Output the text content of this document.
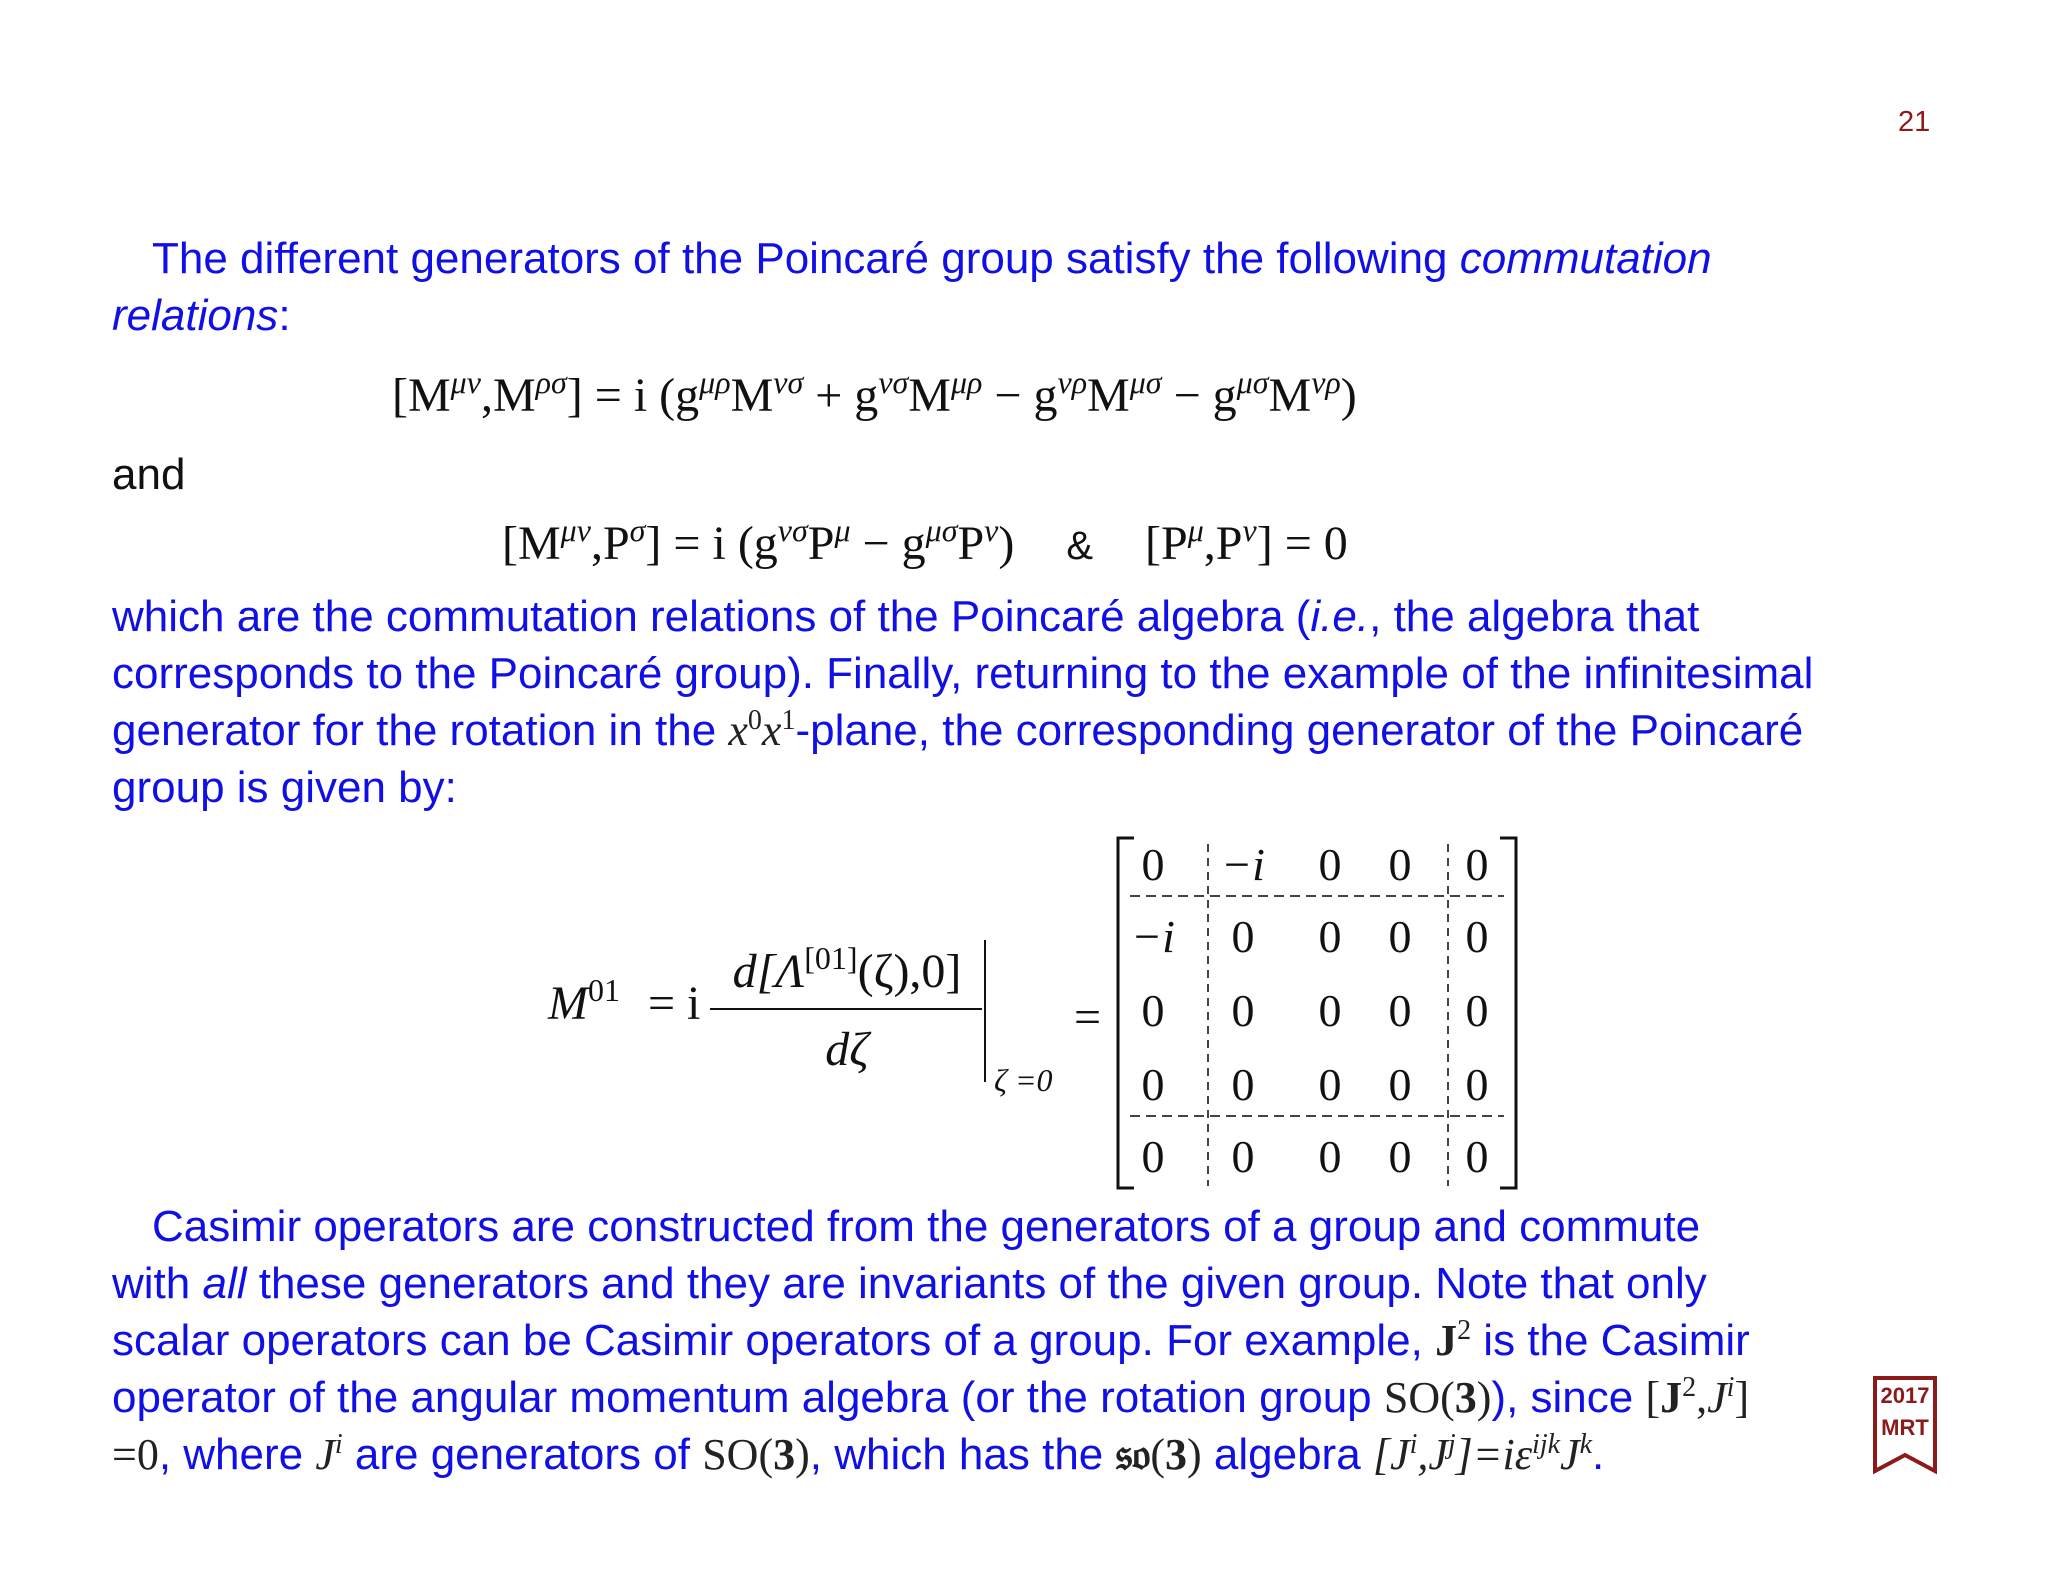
21
The different generators of the Poincaré group satisfy the following commutation
relations:
$[M^{\mu\nu},M^{\rho\sigma}] = i$ $(g^{\mu\rho}M^{\nu\sigma} + g^{\nu\sigma}M^{\mu\rho} - g^{\nu\rho}M^{\mu\sigma} - g^{\mu\sigma}M^{\nu\rho})$
and
$[M^{\mu\nu},P^\sigma] = i$ $(g^{\nu\sigma}P^\mu - g^{\mu\sigma}P^\nu)$ & $[P^\mu,P^\nu] = 0$
which are the commutation relations of the Poincaré algebra (i.e., the algebra that
corresponds to the Poincaré group). Finally, returning to the example of the infinitesimal
generator for the rotation in the $x^0x^1$-plane, the corresponding generator of the Poincaré
group is given by:
$M^{01} = i$
d[Λ[01](ζ),0]
dζ
ζ =0
=
0	−i	0	0	0
−i	0	0	0	0
0	0	0	0	0
0	0	0	0	0
0	0	0	0	0
Casimir operators are constructed from the generators of a group and commute
with all these generators and they are invariants of the given group. Note that only
scalar operators can be Casimir operators of a group. For example, $J^2$ is the Casimir
operator of the angular momentum algebra (or the rotation group SO(3)), since $[J^2,J^i]$
=0, where $J^i$ are generators of SO(3), which has the 𝔰𝔬(3) algebra $[J^i,J^j]=i\varepsilon^{ijk}J^k$.
2017
MRT
